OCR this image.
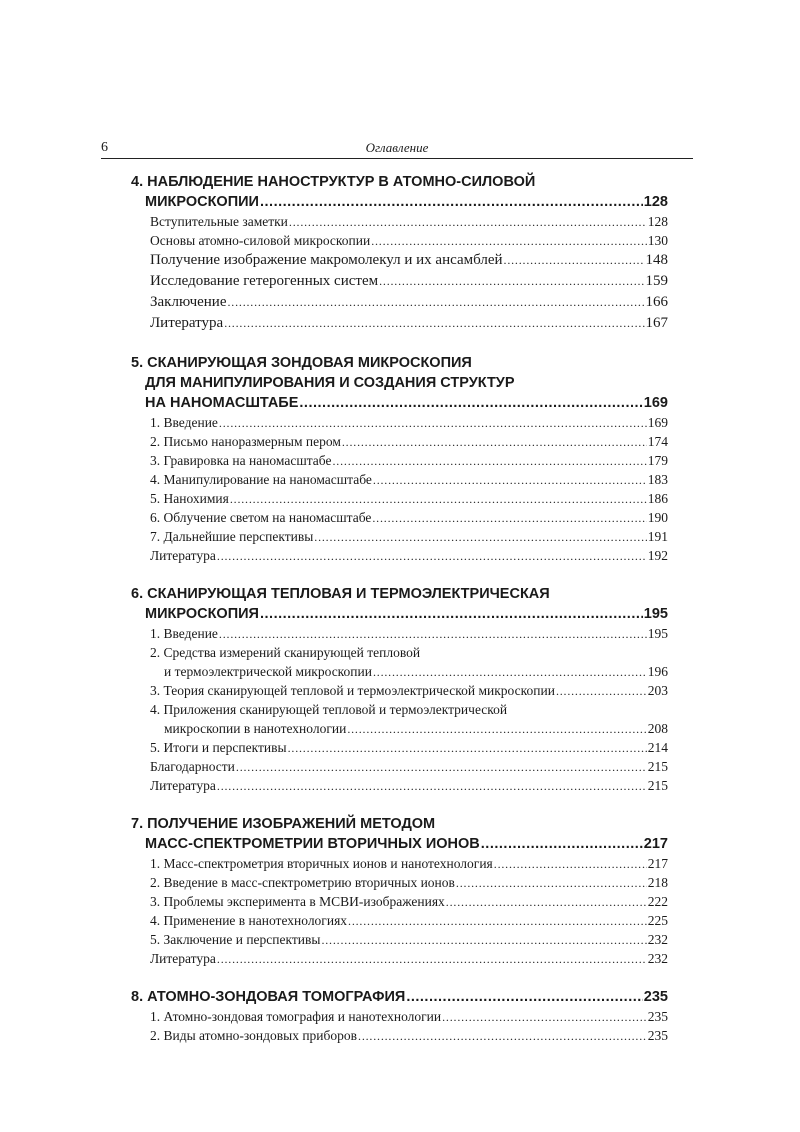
6	Оглавление
4. НАБЛЮДЕНИЕ НАНОСТРУКТУР В АТОМНО-СИЛОВОЙ
МИКРОСКОПИИ .....	128
Вступительные заметки .....	128
Основы атомно-силовой микроскопии .....	130
Получение изображение макромолекул и их ансамблей .....	148
Исследование гетерогенных систем .....	159
Заключение .....	166
Литература .....	167
5. СКАНИРУЮЩАЯ ЗОНДОВАЯ МИКРОСКОПИЯ
ДЛЯ МАНИПУЛИРОВАНИЯ И СОЗДАНИЯ СТРУКТУР
НА НАНОМАСШТАБЕ .....	169
1. Введение .....	169
2. Письмо наноразмерным пером .....	174
3. Гравировка на наномасштабе .....	179
4. Манипулирование на наномасштабе .....	183
5. Нанохимия .....	186
6. Облучение светом на наномасштабе .....	190
7. Дальнейшие перспективы .....	191
Литература .....	192
6. СКАНИРУЮЩАЯ ТЕПЛОВАЯ И ТЕРМОЭЛЕКТРИЧЕСКАЯ
МИКРОСКОПИЯ .....	195
1. Введение .....	195
2. Средства измерений сканирующей тепловой
и термоэлектрической микроскопии .....	196
3. Теория сканирующей тепловой и термоэлектрической микроскопии .....	203
4. Приложения сканирующей тепловой и термоэлектрической
микроскопии в нанотехнологии .....	208
5. Итоги и перспективы .....	214
Благодарности .....	215
Литература .....	215
7. ПОЛУЧЕНИЕ ИЗОБРАЖЕНИЙ МЕТОДОМ
МАСС-СПЕКТРОМЕТРИИ ВТОРИЧНЫХ ИОНОВ .....	217
1. Масс-спектрометрия вторичных ионов и нанотехнология .....	217
2. Введение в масс-спектрометрию вторичных ионов .....	218
3. Проблемы эксперимента в МСВИ-изображениях .....	222
4. Применение в нанотехнологиях .....	225
5. Заключение и перспективы .....	232
Литература .....	232
8. АТОМНО-ЗОНДОВАЯ ТОМОГРАФИЯ .....	235
1. Атомно-зондовая томография и нанотехнологии .....	235
2. Виды атомно-зондовых приборов .....	235
